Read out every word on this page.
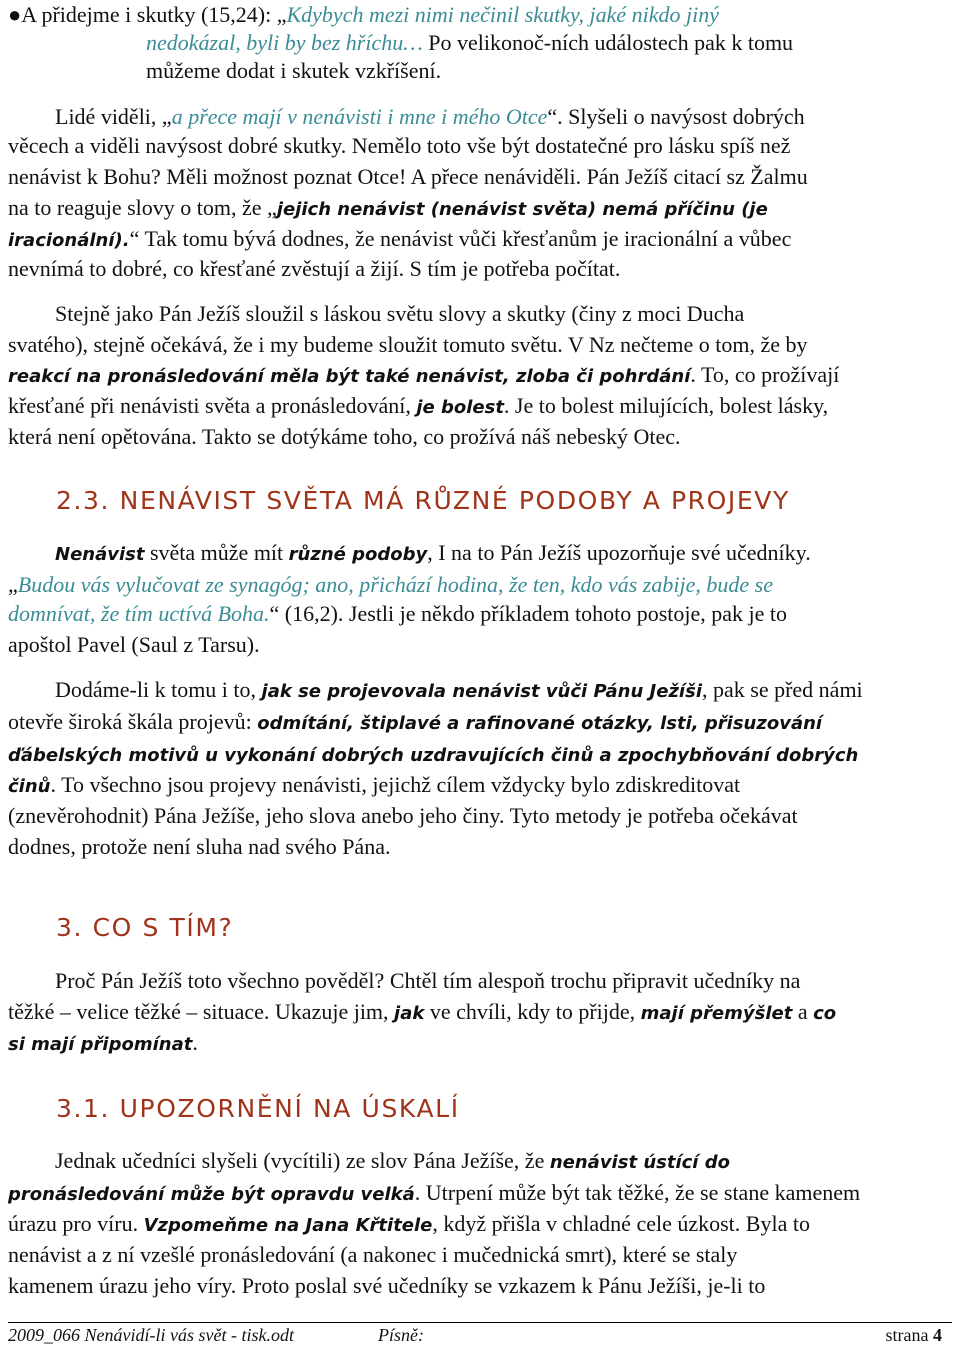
●A přidejme i skutky (15,24): „Kdybych mezi nimi nečinil skutky, jaké nikdo jiný
nedokázal, byli by bez hříchu… Po velikonoč-ních událostech pak k tomu
můžeme dodat i skutek vzkříšení.
Lidé viděli, „a přece mají v nenávisti i mne i mého Otce“. Slyšeli o navýsost dobrých
věcech a viděli navýsost dobré skutky. Nemělo toto vše být dostatečné pro lásku spíš než
nenávist k Bohu? Měli možnost poznat Otce! A přece nenáviděli. Pán Ježíš citací sz Žalmu
na to reaguje slovy o tom, že „jejich nenávist (nenávist světa) nemá příčinu (je
iracionální).“ Tak tomu bývá dodnes, že nenávist vůči křesťanům je iracionální a vůbec
nevnímá to dobré, co křesťané zvěstují a žijí. S tím je potřeba počítat.
Stejně jako Pán Ježíš sloužil s láskou světu slovy a skutky (činy z moci Ducha
svatého), stejně očekává, že i my budeme sloužit tomuto světu. V Nz nečteme o tom, že by
reakcí na pronásledování měla být také nenávist, zloba či pohrdání. To, co prožívají
křesťané při nenávisti světa a pronásledování, je bolest. Je to bolest milujících, bolest lásky,
která není opětována. Takto se dotýkáme toho, co prožívá náš nebeský Otec.
2.3. NENÁVIST SVĚTA MÁ RŮZNÉ PODOBY A PROJEVY
Nenávist světa může mít různé podoby, I na to Pán Ježíš upozorňuje své učedníky.
„Budou vás vylučovat ze synagóg; ano, přichází hodina, že ten, kdo vás zabije, bude se
domnívat, že tím uctívá Boha.“ (16,2). Jestli je někdo příkladem tohoto postoje, pak je to
apoštol Pavel (Saul z Tarsu).
Dodáme-li k tomu i to, jak se projevovala nenávist vůči Pánu Ježíši, pak se před námi
otevře široká škála projevů: odmítání, štiplavé a rafinované otázky, lsti, přisuzování
ďábelských motivů u vykonání dobrých uzdravujících činů a zpochybňování dobrých
činů. To všechno jsou projevy nenávisti, jejichž cílem vždycky bylo zdiskreditovat
(znevěrohodnit) Pána Ježíše, jeho slova anebo jeho činy. Tyto metody je potřeba očekávat
dodnes, protože není sluha nad svého Pána.
3. CO S TÍM?
Proč Pán Ježíš toto všechno pověděl? Chtěl tím alespoň trochu připravit učedníky na
těžké – velice těžké – situace. Ukazuje jim, jak ve chvíli, kdy to přijde, mají přemýšlet a co
si mají připomínat.
3.1. UPOZORNĚNÍ NA ÚSKALÍ
Jednak učedníci slyšeli (vycítili) ze slov Pána Ježíše, že nenávist ústící do
pronásledování může být opravdu velká. Utrpení může být tak těžké, že se stane kamenem
úrazu pro víru. Vzpomeňme na Jana Křtitele, když přišla v chladné cele úzkost. Byla to
nenávist a z ní vzešlé pronásledování (a nakonec i mučednická smrt), které se staly
kamenem úrazu jeho víry. Proto poslal své učedníky se vzkazem k Pánu Ježíši, je-li to
2009_066 Nenávidí-li vás svět - tisk.odt	Písně:	strana 4
